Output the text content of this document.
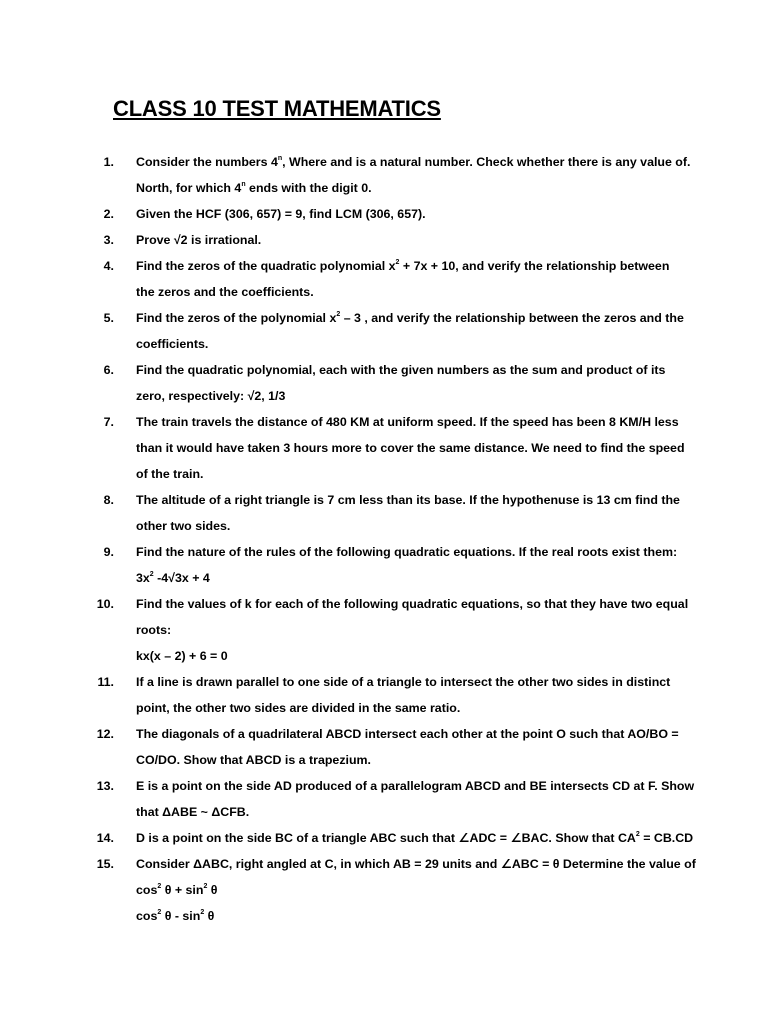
CLASS 10 TEST MATHEMATICS
1. Consider the numbers 4$^n$, Where and is a natural number. Check whether there is any value of.
North, for which 4$^n$ ends with the digit 0.
2. Given the HCF (306, 657) = 9, find LCM (306, 657).
3. Prove √2 is irrational.
4. Find the zeros of the quadratic polynomial $x^2 + 7x + 10$, and verify the relationship between
the zeros and the coefficients.
5. Find the zeros of the polynomial $x^2 - 3$ , and verify the relationship between the zeros and the
coefficients.
6. Find the quadratic polynomial, each with the given numbers as the sum and product of its
zero, respectively: √2, 1/3
7. The train travels the distance of 480 KM at uniform speed. If the speed has been 8 KM/H less
than it would have taken 3 hours more to cover the same distance. We need to find the speed
of the train.
8. The altitude of a right triangle is 7 cm less than its base. If the hypothenuse is 13 cm find the
other two sides.
9. Find the nature of the rules of the following quadratic equations. If the real roots exist them:
$3x^2$ -4√3x + 4
10. Find the values of k for each of the following quadratic equations, so that they have two equal
roots:
kx(x – 2) + 6 = 0
11. If a line is drawn parallel to one side of a triangle to intersect the other two sides in distinct
point, the other two sides are divided in the same ratio.
12. The diagonals of a quadrilateral ABCD intersect each other at the point O such that AO/BO =
CO/DO. Show that ABCD is a trapezium.
13. E is a point on the side AD produced of a parallelogram ABCD and BE intersects CD at F. Show
that ΔABE ~ ΔCFB.
14. D is a point on the side BC of a triangle ABC such that ∠ADC = ∠BAC. Show that $CA^2 = CB.CD$
15. Consider ΔABC, right angled at C, in which AB = 29 units and ∠ABC = θ Determine the value of
$\cos^2 \theta + \sin^2 \theta$
$\cos^2 \theta - \sin^2 \theta$
